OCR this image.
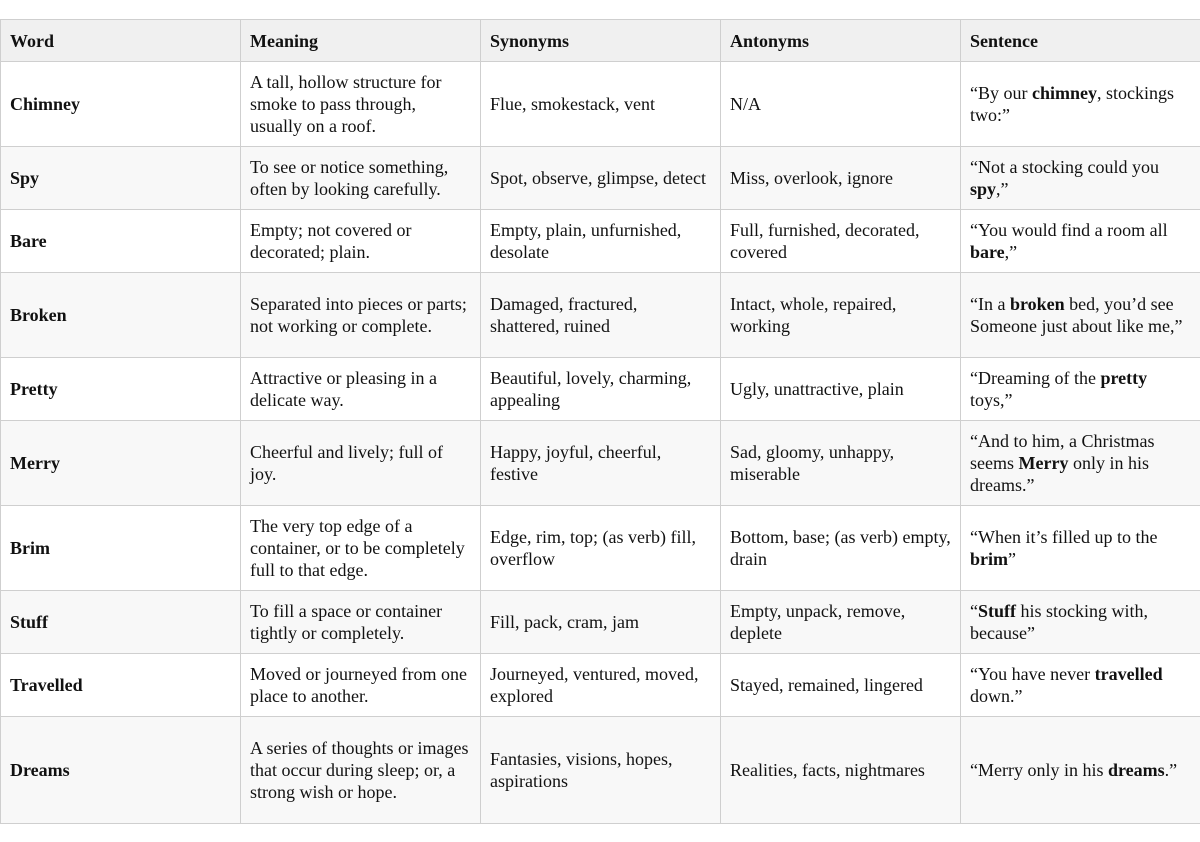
Word	Meaning	Synonyms	Antonyms	Sentence
Chimney	A tall, hollow structure for smoke to pass through, usually on a roof.	Flue, smokestack, vent	N/A	“By our chimney, stockings two:”
Spy	To see or notice something, often by looking carefully.	Spot, observe, glimpse, detect	Miss, overlook, ignore	“Not a stocking could you spy,”
Bare	Empty; not covered or decorated; plain.	Empty, plain, unfurnished, desolate	Full, furnished, decorated, covered	“You would find a room all bare,”
Broken	Separated into pieces or parts; not working or complete.	Damaged, fractured, shattered, ruined	Intact, whole, repaired, working	“In a broken bed, you’d see Someone just about like me,”
Pretty	Attractive or pleasing in a delicate way.	Beautiful, lovely, charming, appealing	Ugly, unattractive, plain	“Dreaming of the pretty toys,”
Merry	Cheerful and lively; full of joy.	Happy, joyful, cheerful, festive	Sad, gloomy, unhappy, miserable	“And to him, a Christmas seems Merry only in his dreams.”
Brim	The very top edge of a container, or to be completely full to that edge.	Edge, rim, top; (as verb) fill, overflow	Bottom, base; (as verb) empty, drain	“When it’s filled up to the brim”
Stuff	To fill a space or container tightly or completely.	Fill, pack, cram, jam	Empty, unpack, remove, deplete	“Stuff his stocking with, because”
Travelled	Moved or journeyed from one place to another.	Journeyed, ventured, moved, explored	Stayed, remained, lingered	“You have never travelled down.”
Dreams	A series of thoughts or images that occur during sleep; or, a strong wish or hope.	Fantasies, visions, hopes, aspirations	Realities, facts, nightmares	“Merry only in his dreams.”
